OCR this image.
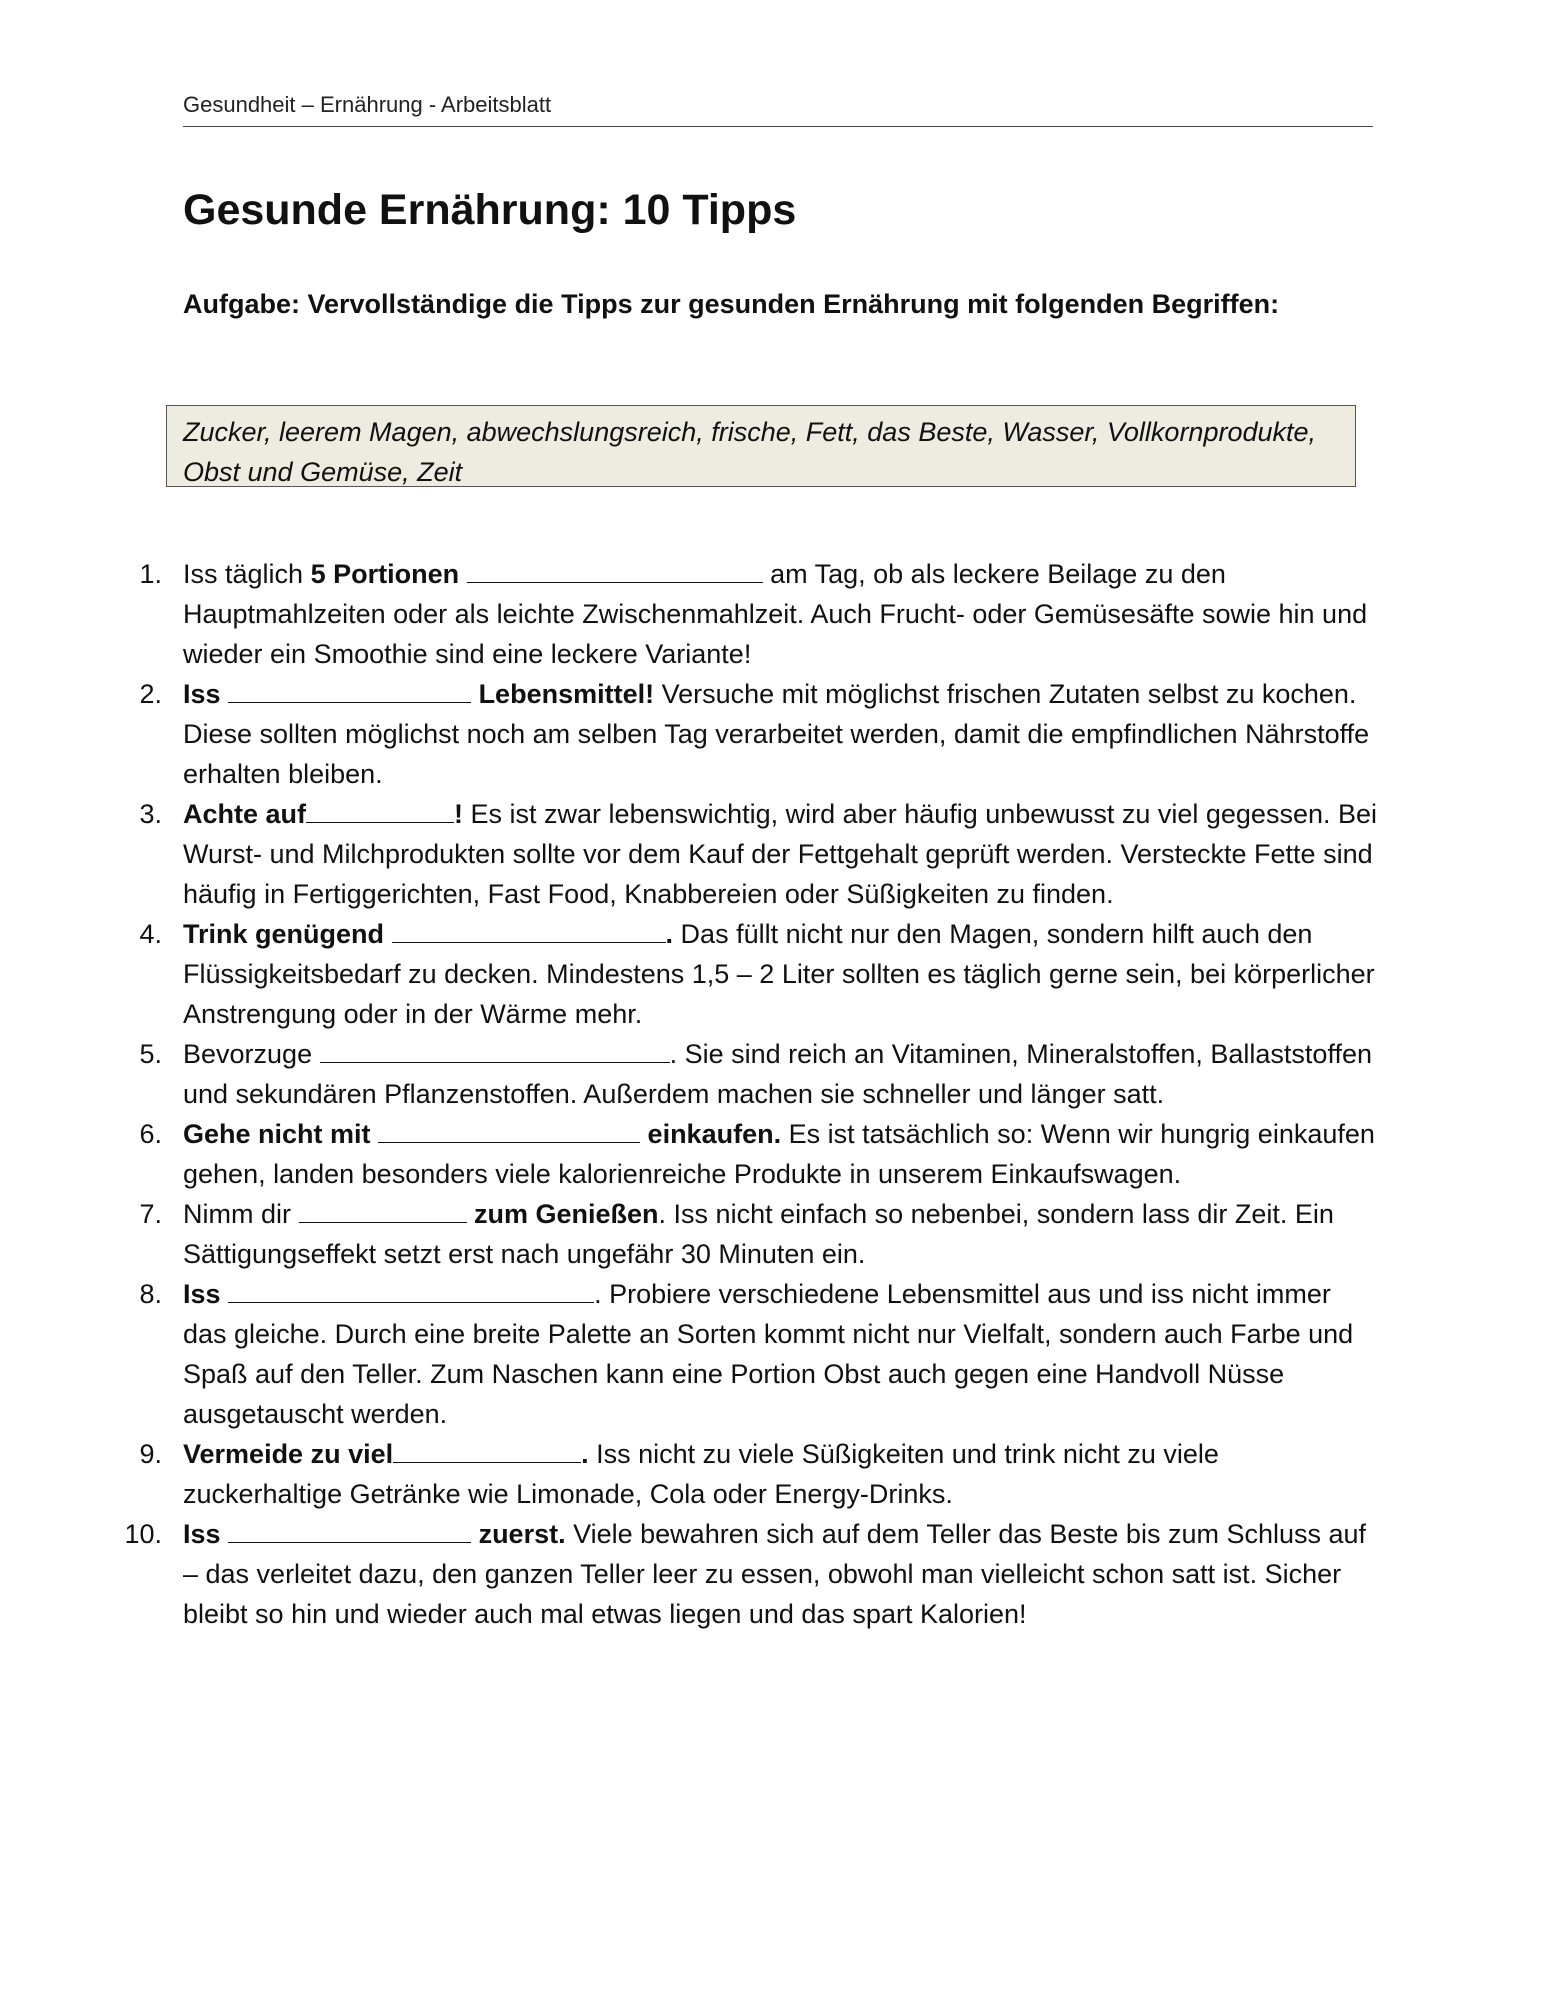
Gesundheit – Ernährung - Arbeitsblatt
Gesunde Ernährung: 10 Tipps

Aufgabe: Vervollständige die Tipps zur gesunden Ernährung mit folgenden Begriffen:

Zucker, leerem Magen, abwechslungsreich, frische, Fett, das Beste, Wasser, Vollkornprodukte, Obst und Gemüse, Zeit
1. Iss täglich 5 Portionen	am Tag, ob als leckere Beilage zu den Hauptmahlzeiten oder als leichte Zwischenmahlzeit. Auch Frucht- oder Gemüsesäfte sowie hin und wieder ein Smoothie sind eine leckere Variante!
2. Iss	Lebensmittel! Versuche mit möglichst frischen Zutaten selbst zu kochen. Diese sollten möglichst noch am selben Tag verarbeitet werden, damit die empfindlichen Nährstoffe erhalten bleiben.
3. Achte auf	! Es ist zwar lebenswichtig, wird aber häufig unbewusst zu viel gegessen. Bei Wurst- und Milchprodukten sollte vor dem Kauf der Fettgehalt geprüft werden. Versteckte Fette sind häufig in Fertiggerichten, Fast Food, Knabbereien oder Süßigkeiten zu finden.
4. Trink genügend	. Das füllt nicht nur den Magen, sondern hilft auch den Flüssigkeitsbedarf zu decken. Mindestens 1,5 – 2 Liter sollten es täglich gerne sein, bei körperlicher Anstrengung oder in der Wärme mehr.
5. Bevorzuge	. Sie sind reich an Vitaminen, Mineralstoffen, Ballaststoffen und sekundären Pflanzenstoffen. Außerdem machen sie schneller und länger satt.
6. Gehe nicht mit	einkaufen. Es ist tatsächlich so: Wenn wir hungrig einkaufen gehen, landen besonders viele kalorienreiche Produkte in unserem Einkaufswagen.
7. Nimm dir	zum Genießen. Iss nicht einfach so nebenbei, sondern lass dir Zeit. Ein Sättigungseffekt setzt erst nach ungefähr 30 Minuten ein.
8. Iss	. Probiere verschiedene Lebensmittel aus und iss nicht immer das gleiche. Durch eine breite Palette an Sorten kommt nicht nur Vielfalt, sondern auch Farbe und Spaß auf den Teller. Zum Naschen kann eine Portion Obst auch gegen eine Handvoll Nüsse ausgetauscht werden.
9. Vermeide zu viel	. Iss nicht zu viele Süßigkeiten und trink nicht zu viele zuckerhaltige Getränke wie Limonade, Cola oder Energy-Drinks.
10. Iss	zuerst. Viele bewahren sich auf dem Teller das Beste bis zum Schluss auf – das verleitet dazu, den ganzen Teller leer zu essen, obwohl man vielleicht schon satt ist. Sicher bleibt so hin und wieder auch mal etwas liegen und das spart Kalorien!
